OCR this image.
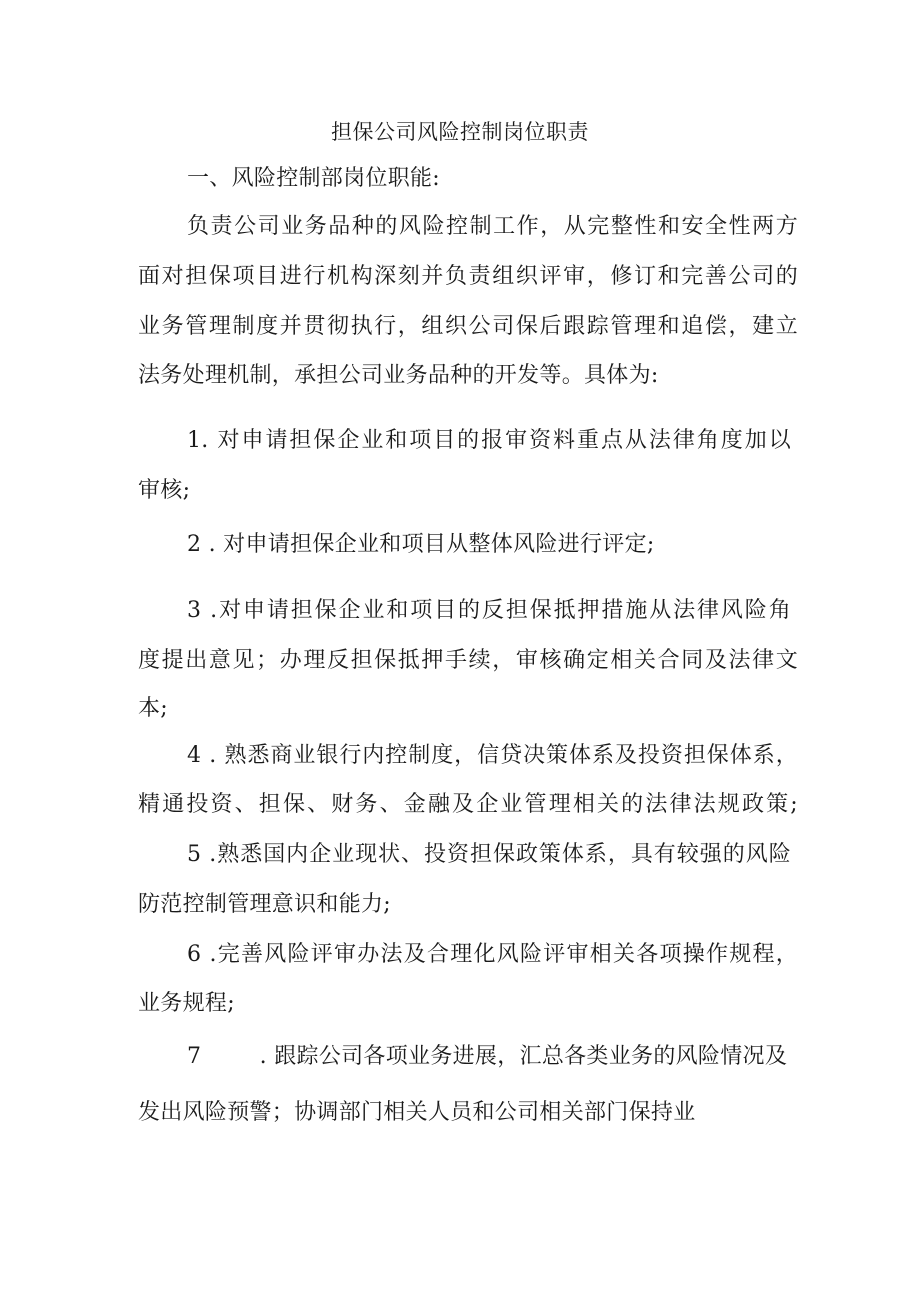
担保公司风险控制岗位职责
一、风险控制部岗位职能:
负责公司业务品种的风险控制工作，从完整性和安全性两方
面对担保项目进行机构深刻并负责组织评审，修订和完善公司的
业务管理制度并贯彻执行，组织公司保后跟踪管理和追偿，建立
法务处理机制，承担公司业务品种的开发等。具体为:
1. 对申请担保企业和项目的报审资料重点从法律角度加以
审核;
2 . 对申请担保企业和项目从整体风险进行评定;
3 .对申请担保企业和项目的反担保抵押措施从法律风险角
度提出意见；办理反担保抵押手续，审核确定相关合同及法律文
本;
4 . 熟悉商业银行内控制度，信贷决策体系及投资担保体系，
精通投资、担保、财务、金融及企业管理相关的法律法规政策;
5 .熟悉国内企业现状、投资担保政策体系，具有较强的风险
防范控制管理意识和能力;
6 .完善风险评审办法及合理化风险评审相关各项操作规程，
业务规程;
7        . 跟踪公司各项业务进展，汇总各类业务的风险情况及
发出风险预警；协调部门相关人员和公司相关部门保持业
